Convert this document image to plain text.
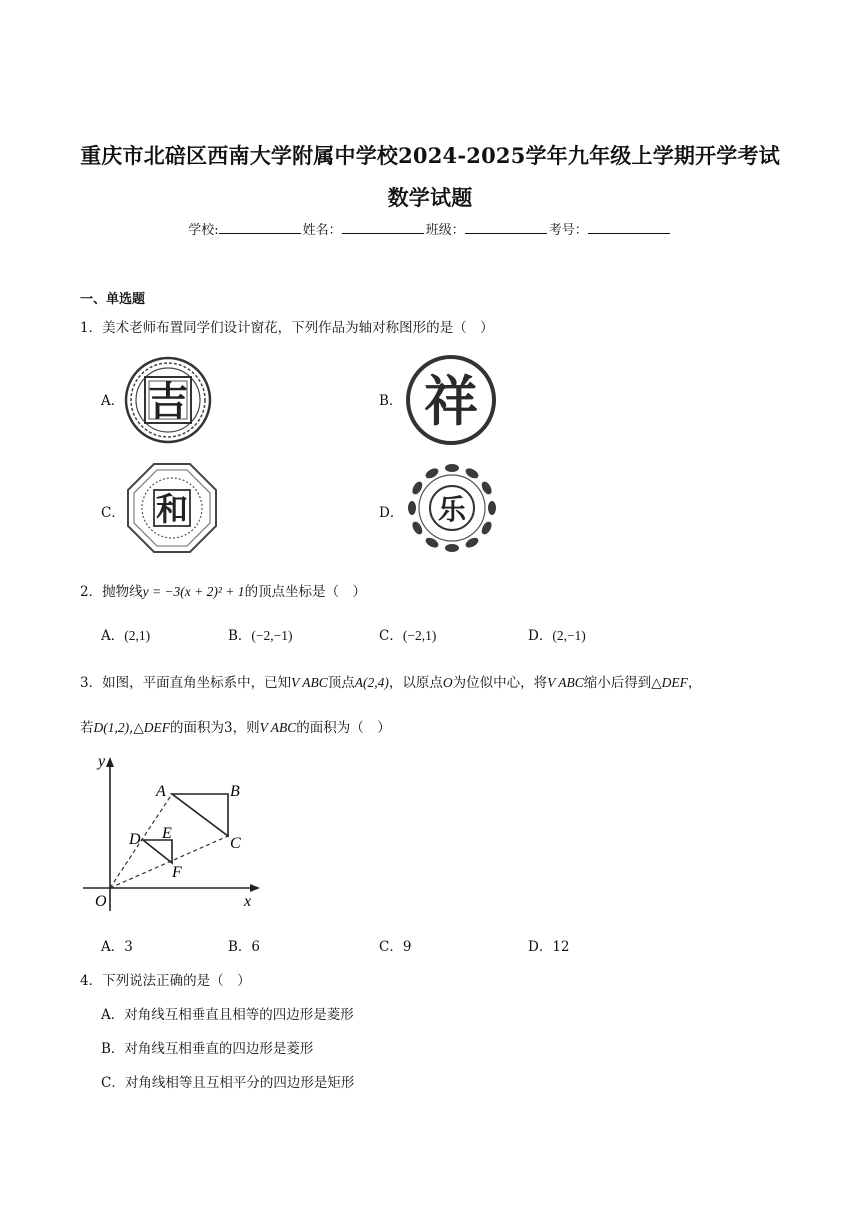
重庆市北碚区西南大学附属中学校2024-2025学年九年级上学期开学考试
数学试题
学校:	姓名：	班级：	考号：
一、单选题
1．美术老师布置同学们设计窗花，下列作品为轴对称图形的是（　）
A． 吉	B． 祥
C． 和	D． 乐
2．抛物线y = −3(x + 2)² + 1的顶点坐标是（　）
A．(2,1)	B．(−2,−1)	C．(−2,1)	D．(2,−1)
3．如图，平面直角坐标系中，已知V ABC顶点A(2,4)，以原点O为位似中心，将V ABC缩小后得到△DEF，
若D(1,2),△DEF的面积为3，则V ABC的面积为（　）
y
x
O
A	B
C
D E
F
A．3	B．6	C．9	D．12
4．下列说法正确的是（　）
A．对角线互相垂直且相等的四边形是菱形
B．对角线互相垂直的四边形是菱形
C．对角线相等且互相平分的四边形是矩形
